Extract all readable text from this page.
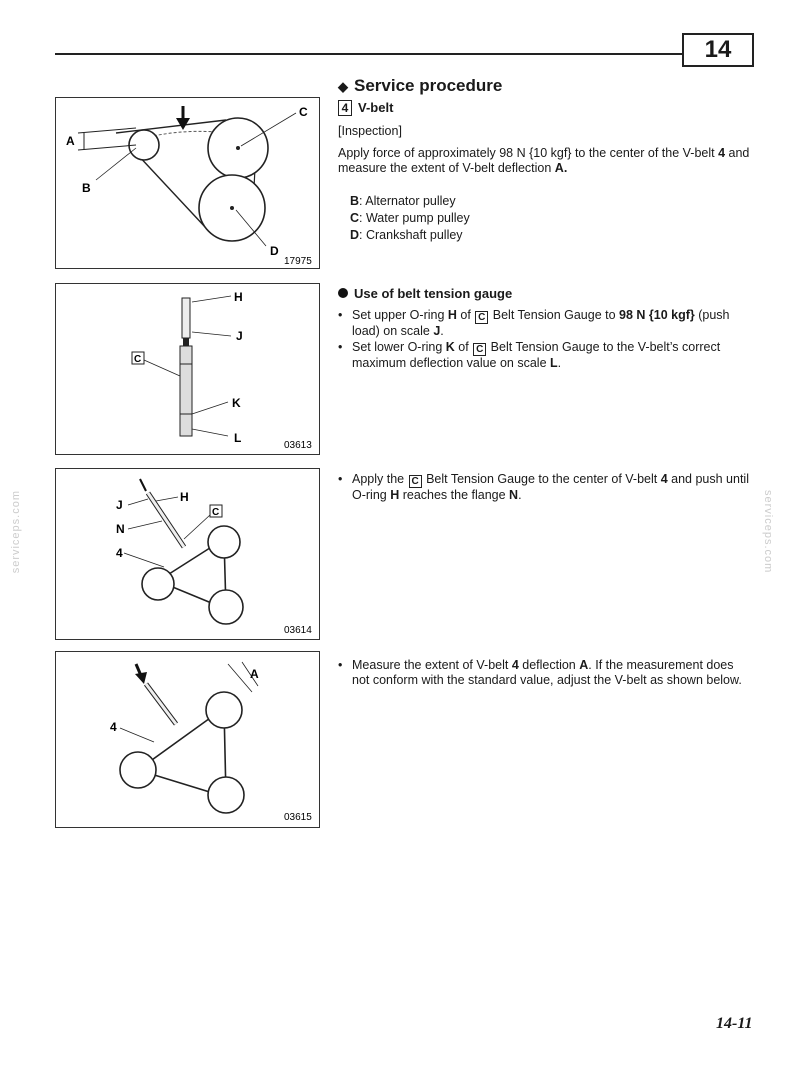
14
A
B
C
D
17975
H
J
K
L
C
03613
J
H
N
4
C
03614
A
4
03615
◆ Service procedure
4 V-belt
[Inspection]
Apply force of approximately 98 N {10 kgf} to the center of the V-belt 4 and measure the extent of V-belt deflection A.
B: Alternator pulley
C: Water pump pulley
D: Crankshaft pulley
Use of belt tension gauge
• Set upper O-ring H of C Belt Tension Gauge to 98 N {10 kgf} (push load) on scale J.
• Set lower O-ring K of C Belt Tension Gauge to the V-belt’s correct maximum deflection value on scale L.
• Apply the C Belt Tension Gauge to the center of V-belt 4 and push until O-ring H reaches the flange N.
• Measure the extent of V-belt 4 deflection A. If the measurement does not conform with the standard value, adjust the V-belt as shown below.
serviceps.com	serviceps.com
14-11
